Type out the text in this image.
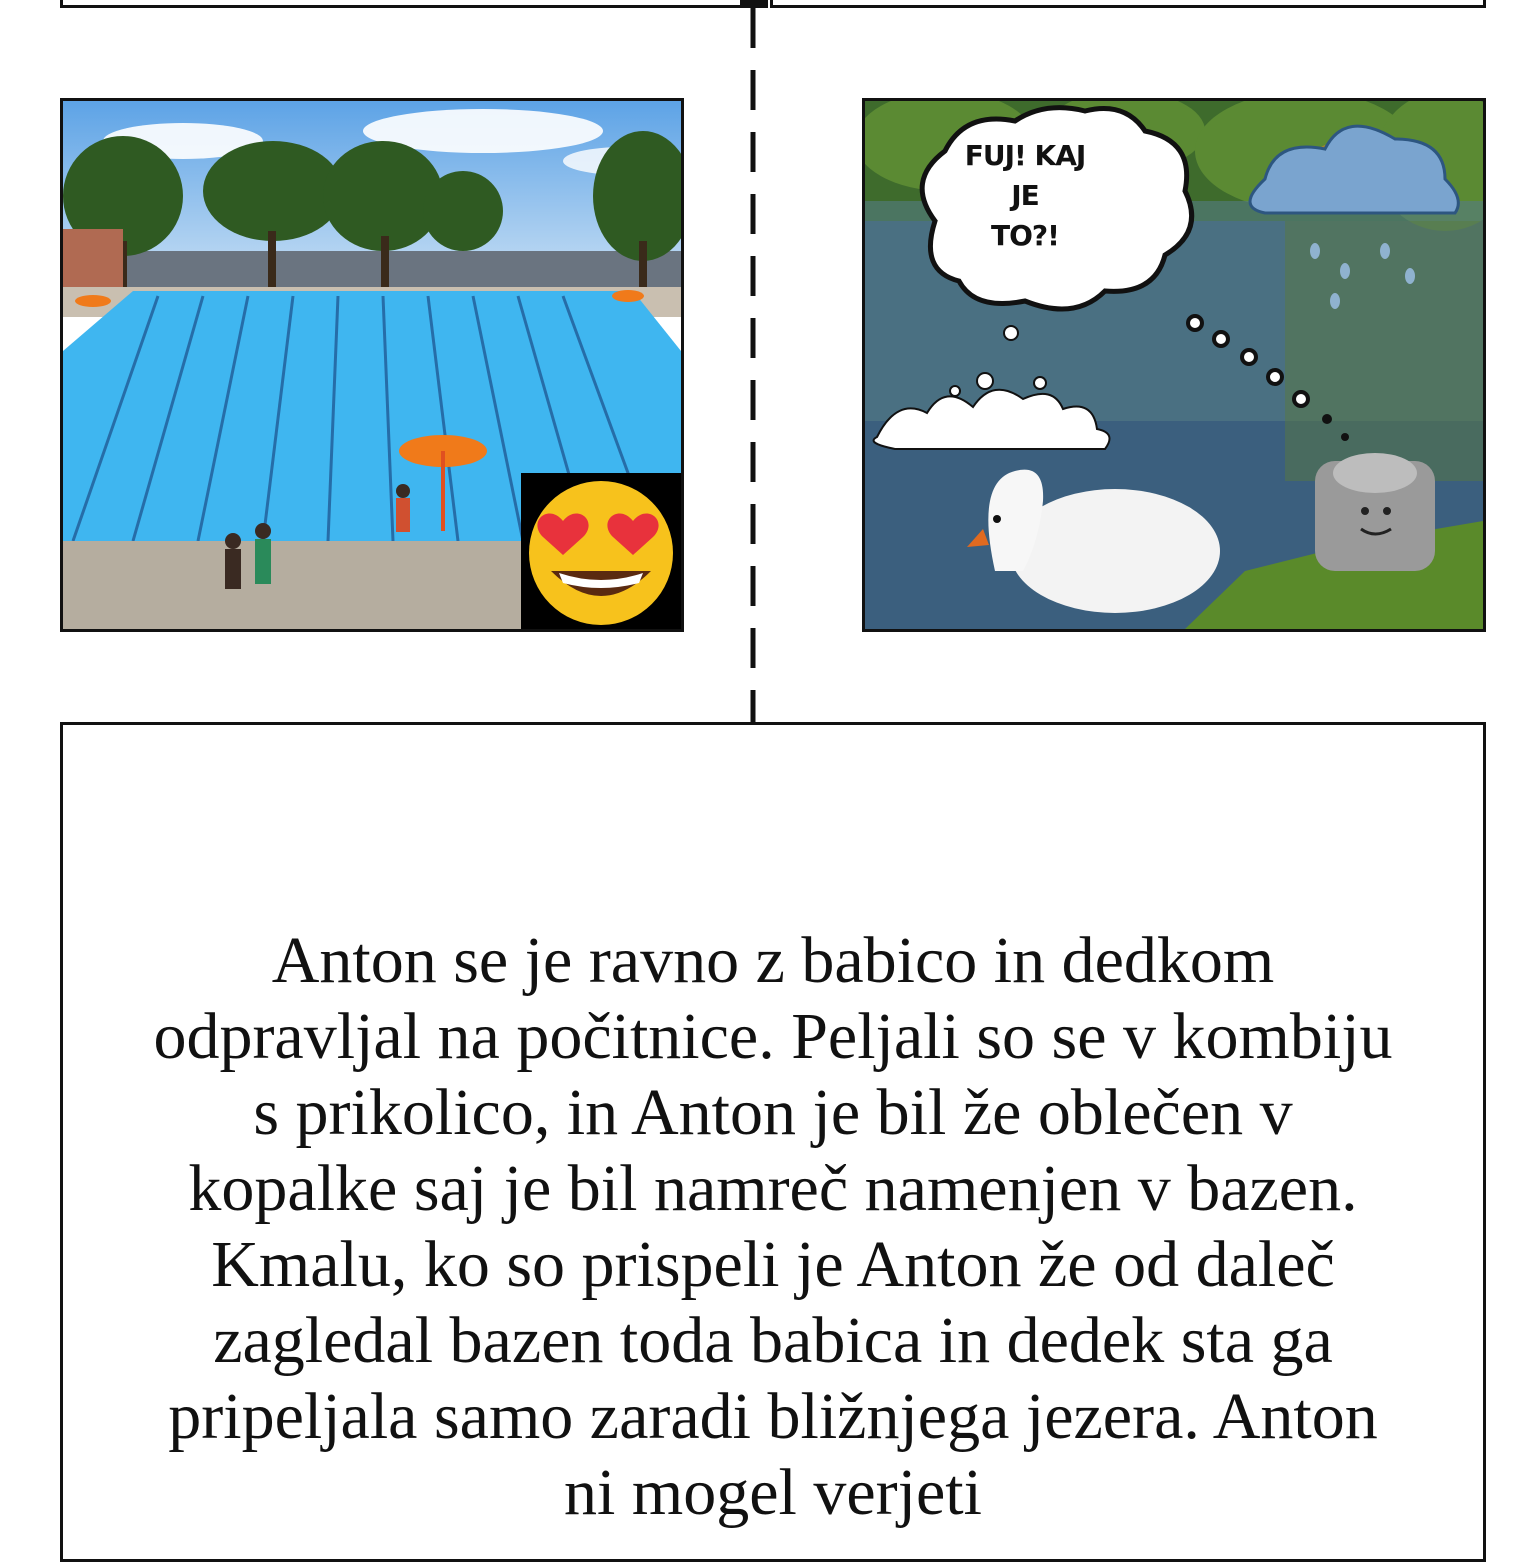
FUJ! KAJ JE
TO?!

Anton se je ravno z babico in dedkom odpravljal na počitnice. Peljali so se v kombiju s prikolico, in Anton je bil že oblečen v kopalke saj je bil namreč namenjen v bazen. Kmalu, ko so prispeli je Anton že od daleč zagledal bazen toda babica in dedek sta ga pripeljala samo zaradi bližnjega jezera. Anton ni mogel verjeti
